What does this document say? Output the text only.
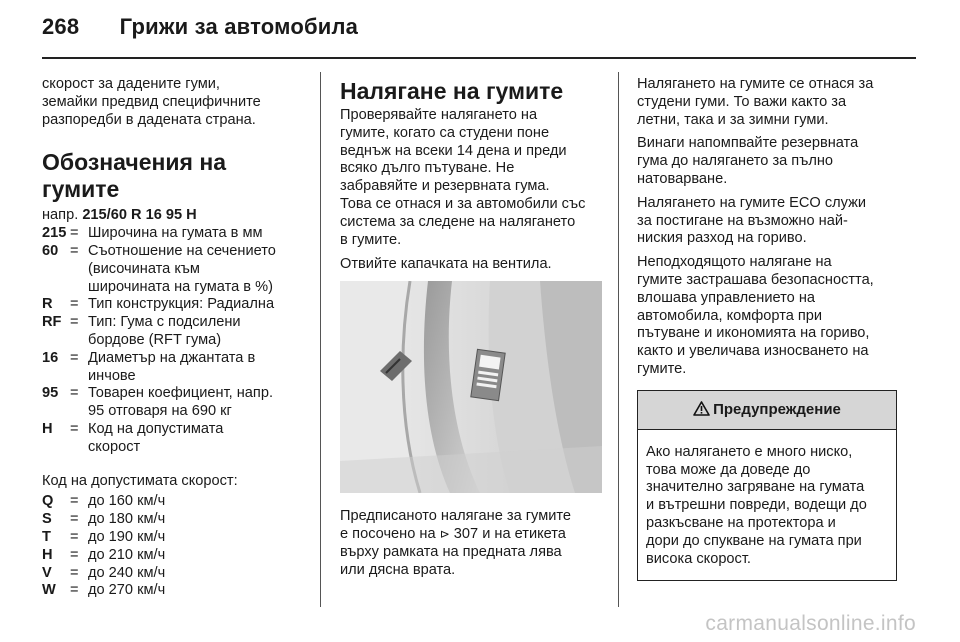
268 Грижи за автомобила

скорост за дадените гуми,
земайки предвид специфичните
разпоредби в дадената страна.

Обозначения на гумите

напр. 215/60 R 16 95 H

215 = Широчина на гумата в мм
60 = Съотношение на сечението
(височината към
широчината на гумата в %)
R	= Тип конструкция: Радиална
RF = Тип: Гума с подсилени
бордове (RFT гума)
16 = Диаметър на джантата в
инчове
95 = Товарен коефициент, напр.
95 отговаря на 690 кг
H	= Код на допустимата
скорост

Код на допустимата скорост:

Q	= до 160 км/ч
S	= до 180 км/ч
T	= до 190 км/ч
H	= до 210 км/ч
V	= до 240 км/ч
W = до 270 км/ч
Налягане на гумите

Проверявайте налягането на
гумите, когато са студени поне
веднъж на всеки 14 дена и преди
всяко дълго пътуване. Не
забравяйте и резервната гума.

Това се отнася и за автомобили със
система за следене на налягането
в гумите.

Отвийте капачката на вентила.

Предписаното налягане за гумите
е посочено на ⊳ 307 и на етикета
върху рамката на предната лява
или дясна врата.

Налягането на гумите се отнася за
студени гуми. То важи както за
летни, така и за зимни гуми.

Винаги напомпвайте резервната
гума до налягането за пълно
натоварване.

Налягането на гумите ECO служи
за постигане на възможно най-
ниския разход на гориво.

Неподходящото налягане на
гумите застрашава безопасността,
влошава управлението на
автомобила, комфорта при
пътуване и икономията на гориво,
както и увеличава износването на
гумите.

Предупреждение
Ако налягането е много ниско,
това може да доведе до
значително загряване на гумата
и вътрешни повреди, водещи до
разкъсване на протектора и
дори до спукване на гумата при
висока скорост.
carmanualsonline.info
